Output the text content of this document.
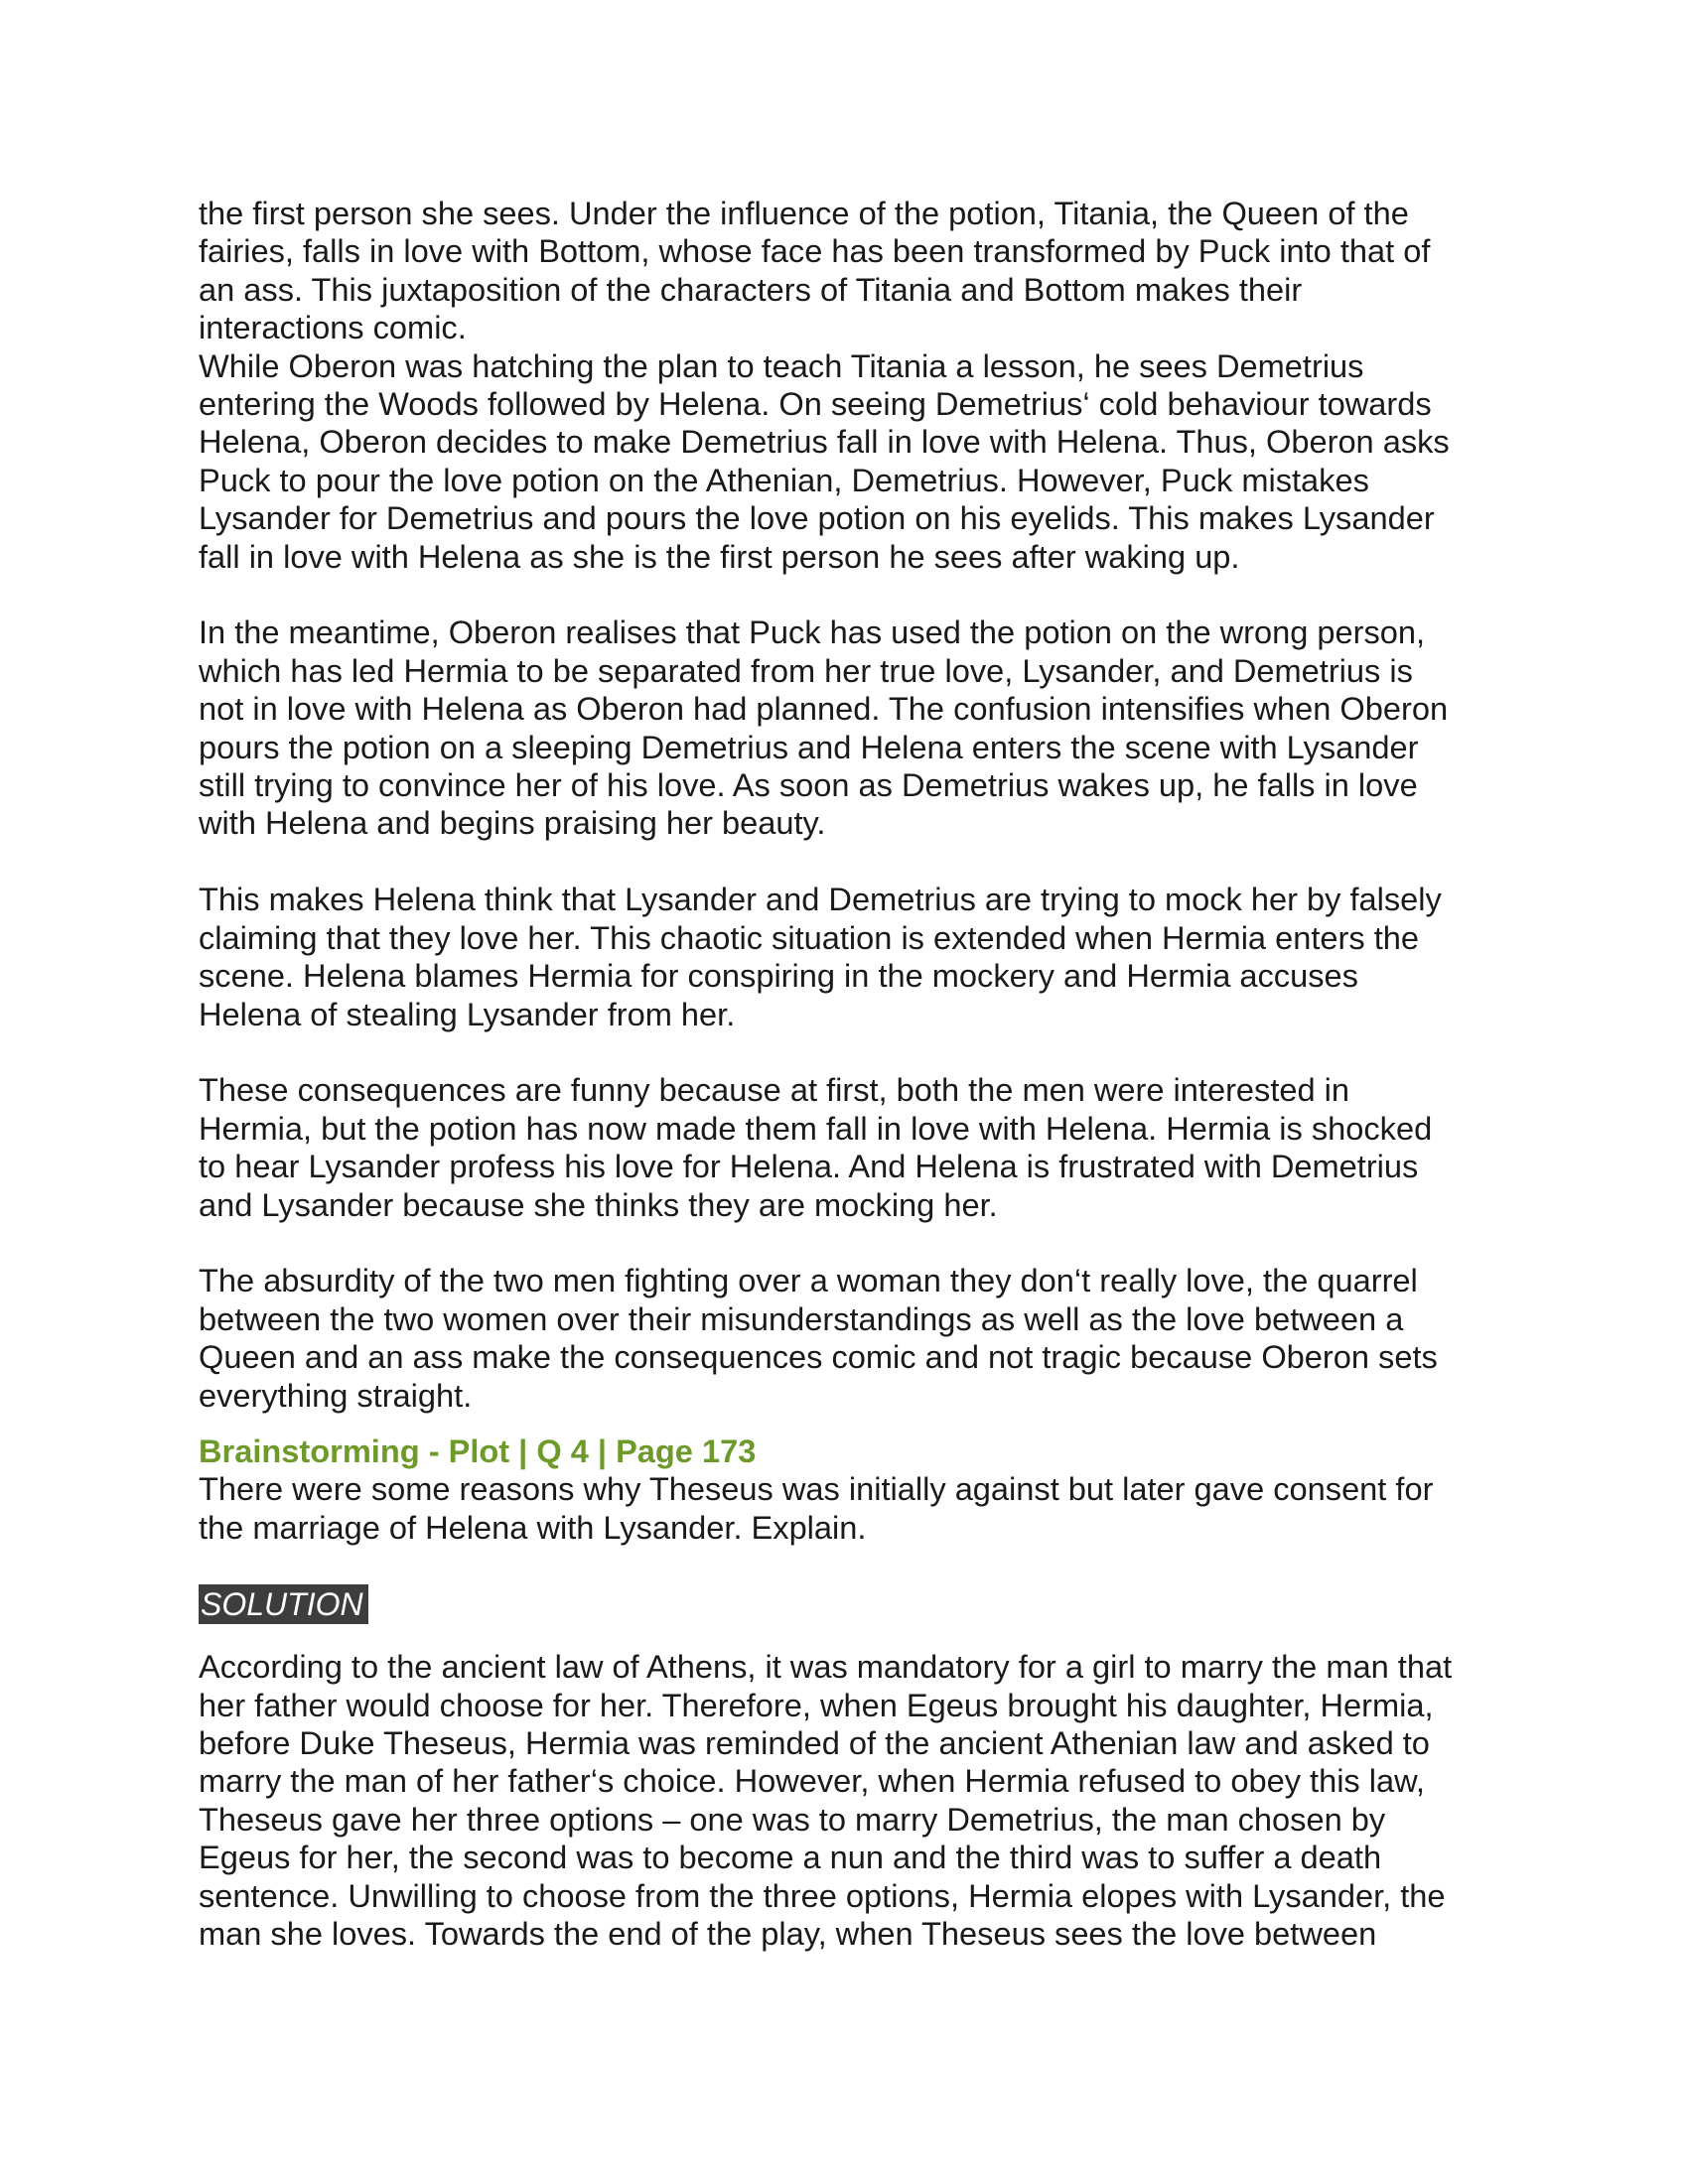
the first person she sees. Under the influence of the potion, Titania, the Queen of the
fairies, falls in love with Bottom, whose face has been transformed by Puck into that of
an ass. This juxtaposition of the characters of Titania and Bottom makes their
interactions comic.

While Oberon was hatching the plan to teach Titania a lesson, he sees Demetrius
entering the Woods followed by Helena. On seeing Demetrius‘ cold behaviour towards
Helena, Oberon decides to make Demetrius fall in love with Helena. Thus, Oberon asks
Puck to pour the love potion on the Athenian, Demetrius. However, Puck mistakes
Lysander for Demetrius and pours the love potion on his eyelids. This makes Lysander
fall in love with Helena as she is the first person he sees after waking up.

In the meantime, Oberon realises that Puck has used the potion on the wrong person,
which has led Hermia to be separated from her true love, Lysander, and Demetrius is
not in love with Helena as Oberon had planned. The confusion intensifies when Oberon
pours the potion on a sleeping Demetrius and Helena enters the scene with Lysander
still trying to convince her of his love. As soon as Demetrius wakes up, he falls in love
with Helena and begins praising her beauty.

This makes Helena think that Lysander and Demetrius are trying to mock her by falsely
claiming that they love her. This chaotic situation is extended when Hermia enters the
scene. Helena blames Hermia for conspiring in the mockery and Hermia accuses
Helena of stealing Lysander from her.

These consequences are funny because at first, both the men were interested in
Hermia, but the potion has now made them fall in love with Helena. Hermia is shocked
to hear Lysander profess his love for Helena. And Helena is frustrated with Demetrius
and Lysander because she thinks they are mocking her.

The absurdity of the two men fighting over a woman they don‘t really love, the quarrel
between the two women over their misunderstandings as well as the love between a
Queen and an ass make the consequences comic and not tragic because Oberon sets
everything straight.

Brainstorming - Plot | Q 4 | Page 173

There were some reasons why Theseus was initially against but later gave consent for
the marriage of Helena with Lysander. Explain.

SOLUTION

According to the ancient law of Athens, it was mandatory for a girl to marry the man that
her father would choose for her. Therefore, when Egeus brought his daughter, Hermia,
before Duke Theseus, Hermia was reminded of the ancient Athenian law and asked to
marry the man of her father‘s choice. However, when Hermia refused to obey this law,
Theseus gave her three options – one was to marry Demetrius, the man chosen by
Egeus for her, the second was to become a nun and the third was to suffer a death
sentence. Unwilling to choose from the three options, Hermia elopes with Lysander, the
man she loves. Towards the end of the play, when Theseus sees the love between
